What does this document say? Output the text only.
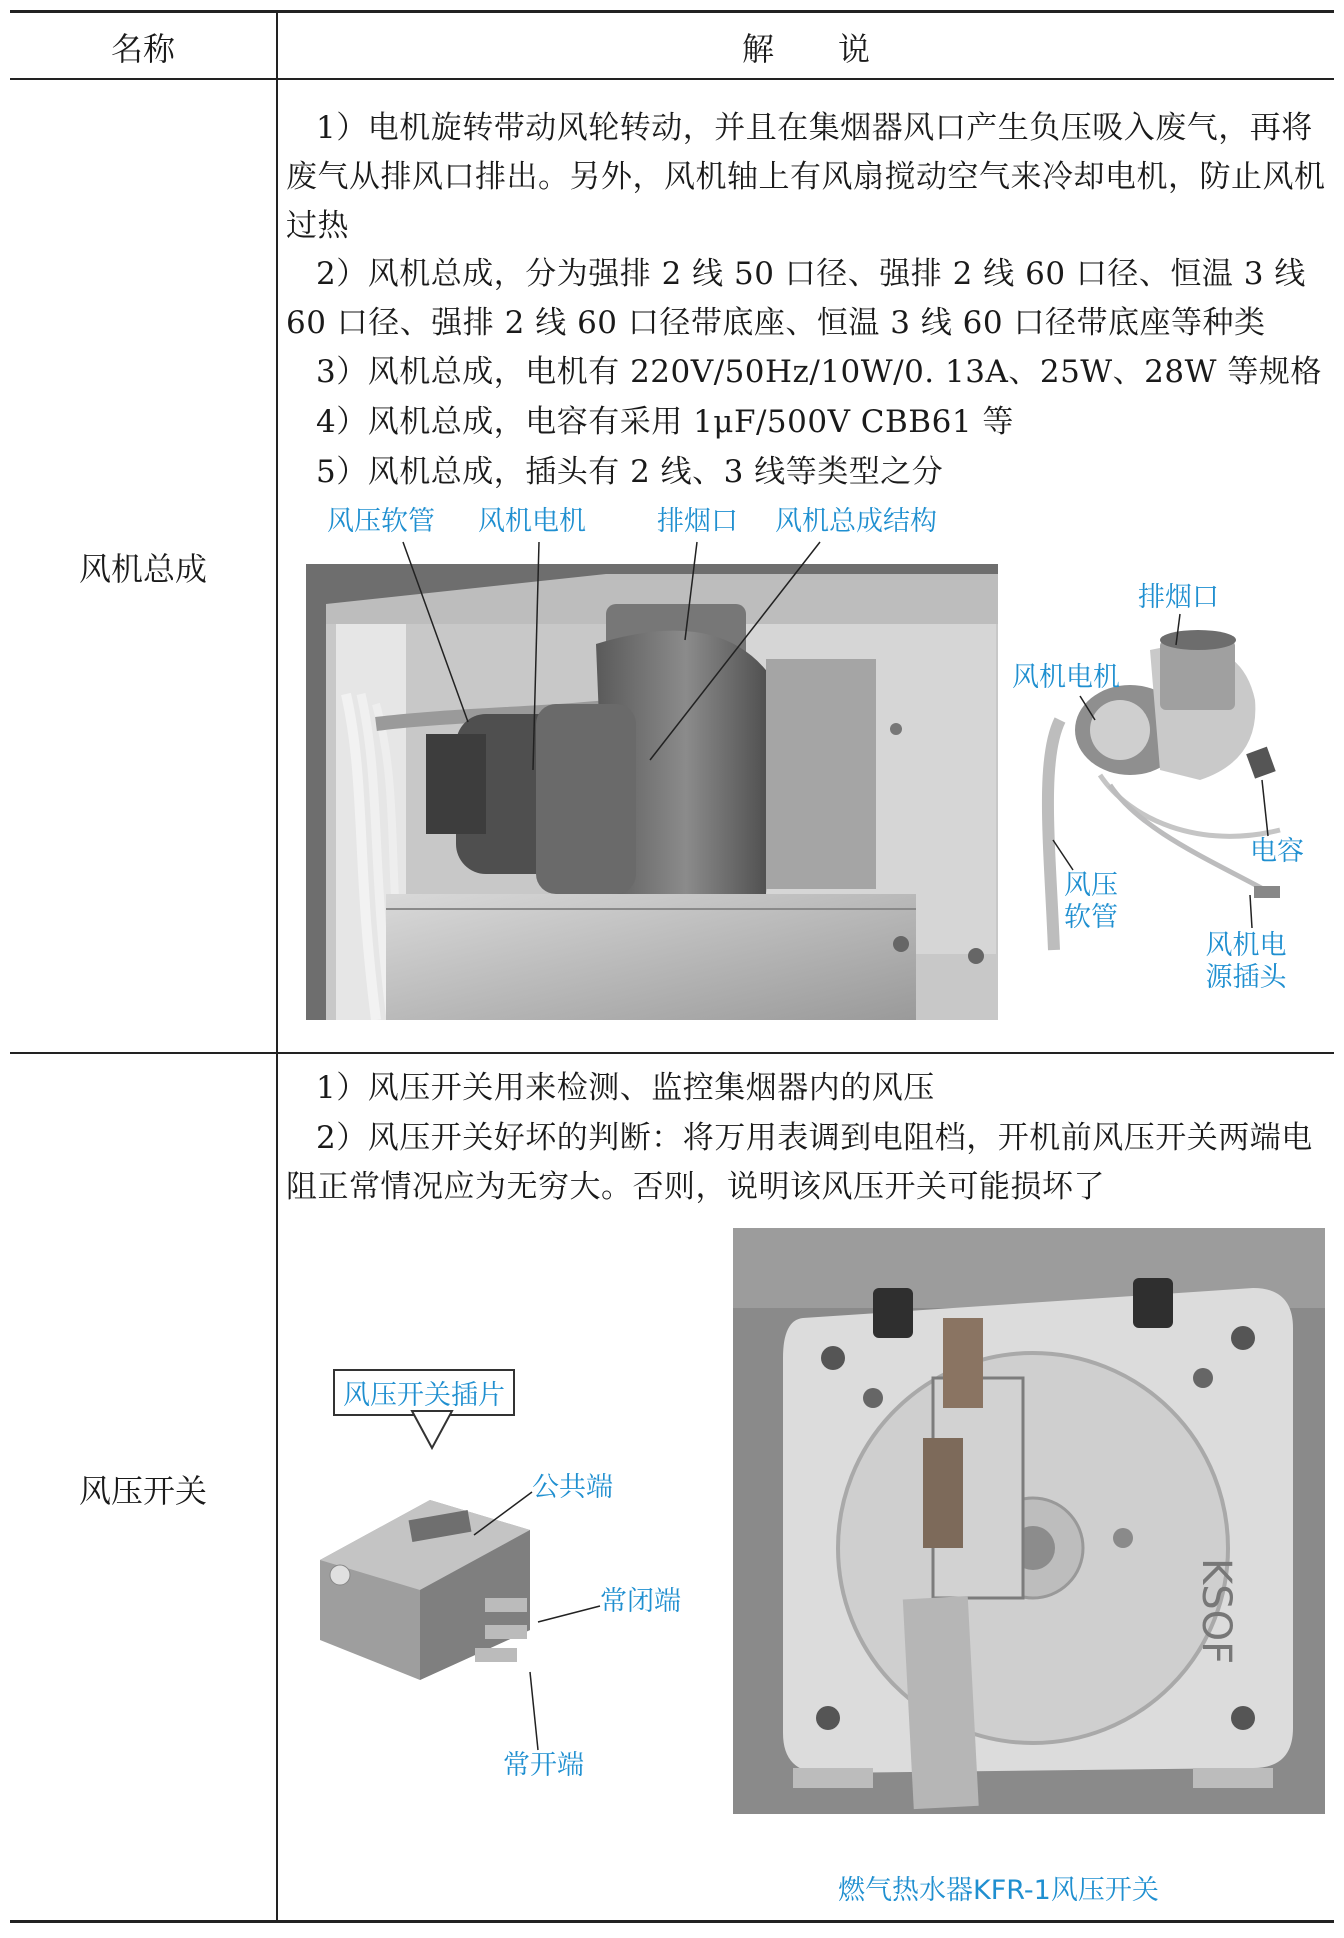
名称	解　　说
风机总成
1）电机旋转带动风轮转动，并且在集烟器风口产生负压吸入废气，再将废气从排风口排出。另外，风机轴上有风扇搅动空气来冷却电机，防止风机过热
2）风机总成，分为强排 2 线 50 口径、强排 2 线 60 口径、恒温 3 线 60 口径、强排 2 线 60 口径带底座、恒温 3 线 60 口径带底座等种类
3）风机总成，电机有 220V/50Hz/10W/0. 13A、25W、28W 等规格
4）风机总成，电容有采用 1μF/500V CBB61 等
5）风机总成，插头有 2 线、3 线等类型之分
风压软管 风机电机	排烟口 风机总成结构
排烟口
风机电机
电容
风压软管
风机电源插头
风压开关
1）风压开关用来检测、监控集烟器内的风压
2）风压开关好坏的判断：将万用表调到电阻档，开机前风压开关两端电阻正常情况应为无穷大。否则，说明该风压开关可能损坏了
风压开关插片
公共端
常闭端
常开端
KSOF
燃气热水器KFR-1风压开关
